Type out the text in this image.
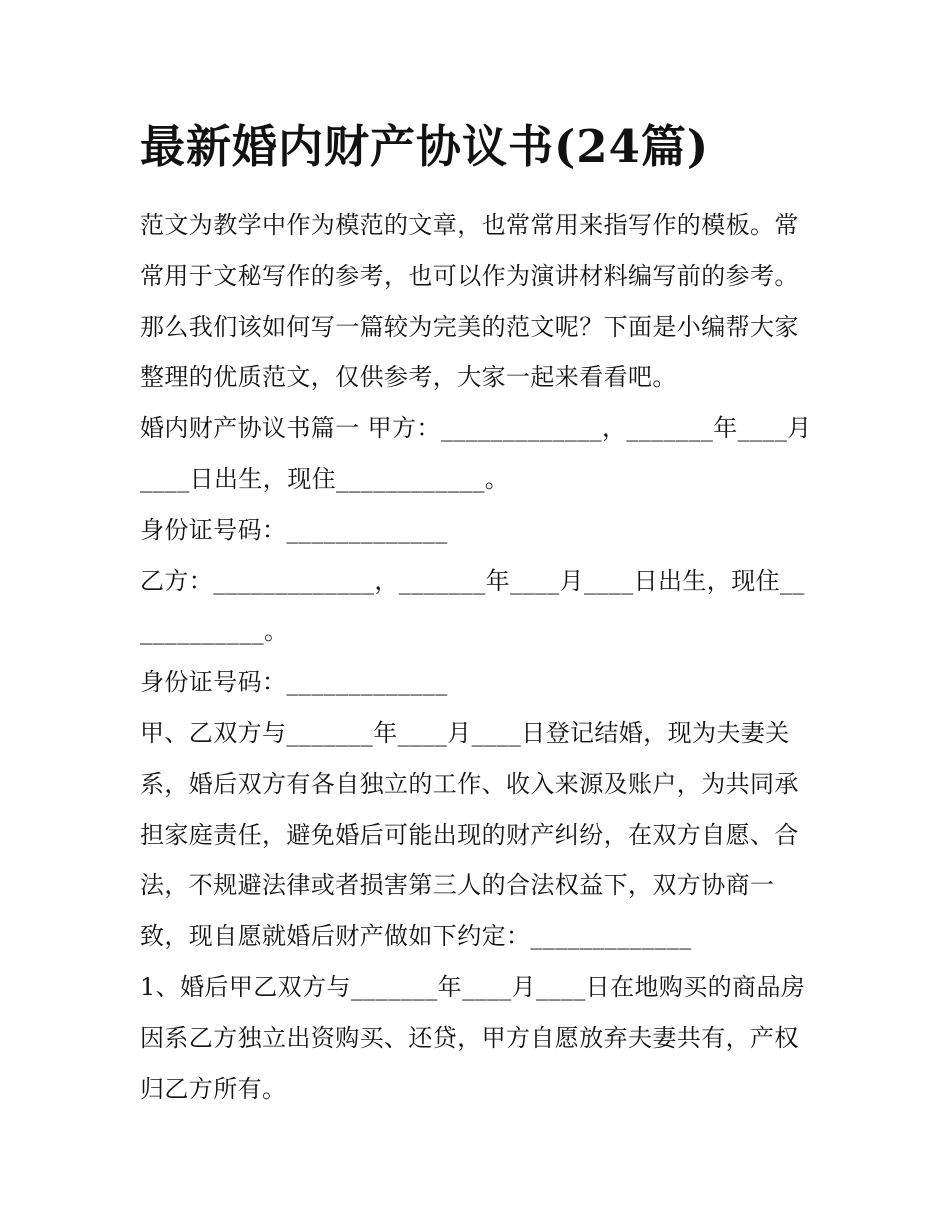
最新婚内财产协议书(24篇)

范文为教学中作为模范的文章，也常常用来指写作的模板。常常用于文秘写作的参考，也可以作为演讲材料编写前的参考。那么我们该如何写一篇较为完美的范文呢？下面是小编帮大家整理的优质范文，仅供参考，大家一起来看看吧。

婚内财产协议书篇一 甲方：_____________，_______年____月____日出生，现住____________。

身份证号码：_____________

乙方：_____________，_______年____月____日出生，现住____________。

身份证号码：_____________

甲、乙双方与_______年____月____日登记结婚，现为夫妻关系，婚后双方有各自独立的工作、收入来源及账户，为共同承担家庭责任，避免婚后可能出现的财产纠纷，在双方自愿、合法，不规避法律或者损害第三人的合法权益下，双方协商一致，现自愿就婚后财产做如下约定：_____________

1、婚后甲乙双方与_______年____月____日在地购买的商品房因系乙方独立出资购买、还贷，甲方自愿放弃夫妻共有，产权归乙方所有。
